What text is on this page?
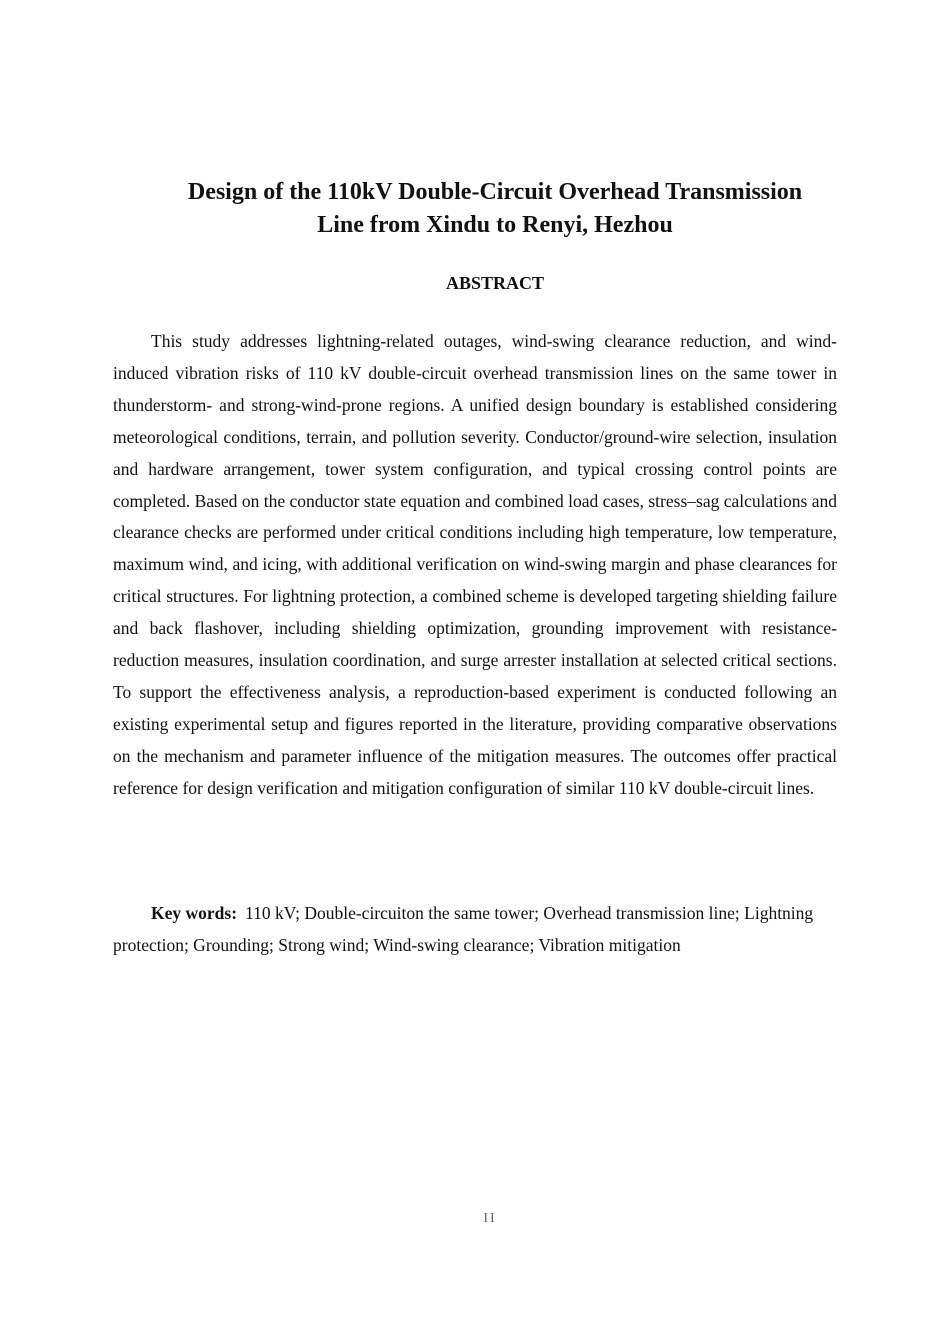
Design of the 110kV Double-Circuit Overhead Transmission
Line from Xindu to Renyi, Hezhou
ABSTRACT

This study addresses lightning-related outages, wind-swing clearance reduction, and wind-induced vibration risks of 110 kV double-circuit overhead transmission lines on the same tower in thunderstorm- and strong-wind-prone regions. A unified design boundary is established considering meteorological conditions, terrain, and pollution severity. Conductor/ground-wire selection, insulation and hardware arrangement, tower system configuration, and typical crossing control points are completed. Based on the conductor state equation and combined load cases, stress–sag calculations and clearance checks are performed under critical conditions including high temperature, low temperature, maximum wind, and icing, with additional verification on wind-swing margin and phase clearances for critical structures. For lightning protection, a combined scheme is developed targeting shielding failure and back flashover, including shielding optimization, grounding improvement with resistance-reduction measures, insulation coordination, and surge arrester installation at selected critical sections. To support the effectiveness analysis, a reproduction-based experiment is conducted following an existing experimental setup and figures reported in the literature, providing comparative observations on the mechanism and parameter influence of the mitigation measures. The outcomes offer practical reference for design verification and mitigation configuration of similar 110 kV double-circuit lines.

Key words: 110 kV; Double-circuiton the same tower; Overhead transmission line; Lightning protection; Grounding; Strong wind; Wind-swing clearance; Vibration mitigation

II
